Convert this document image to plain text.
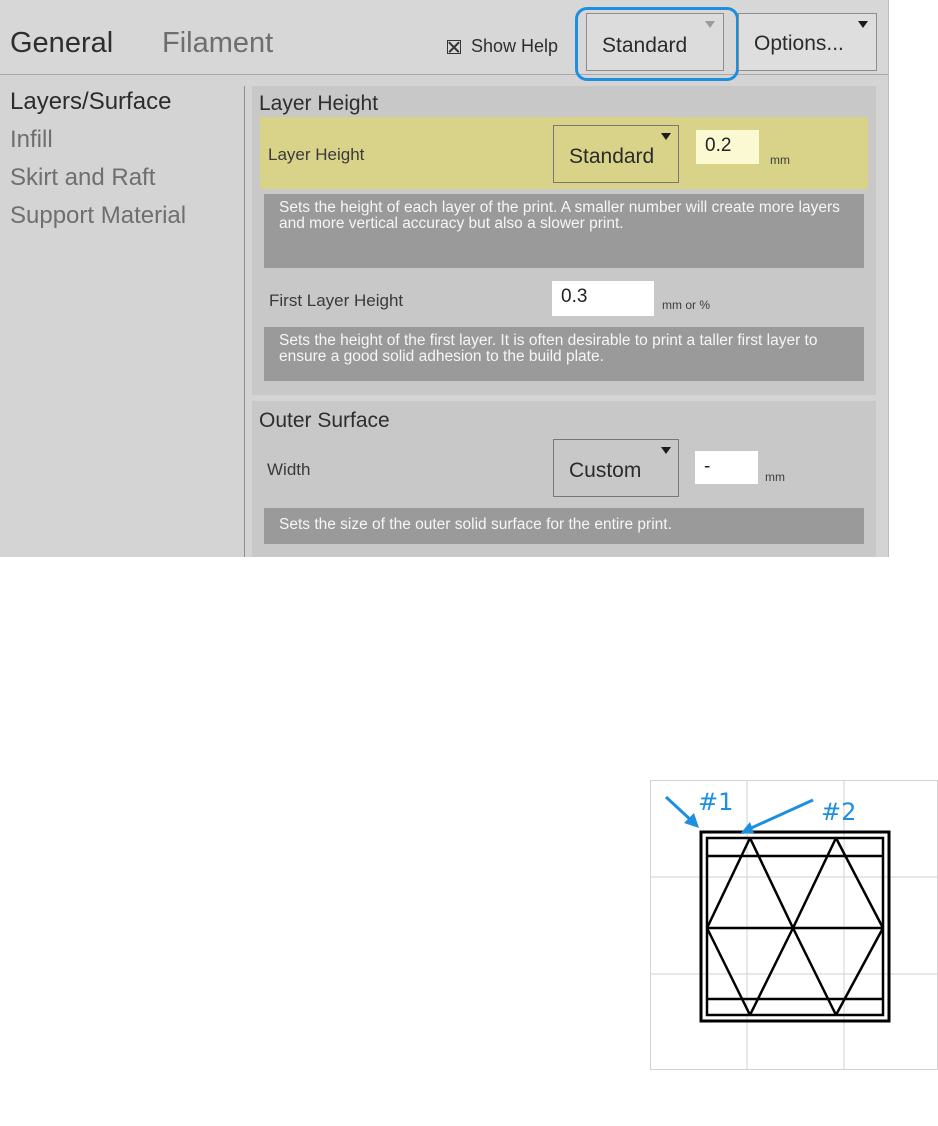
General Filament	Show Help Standard	Options...
Layers/Surface
Infill
Skirt and Raft
Support Material
Layer Height
Layer Height	Standard	0.2
mm
Sets the height of each layer of the print. A smaller number will create more layers and more vertical accuracy but also a slower print.
First Layer Height	0.3	mm or %
Sets the height of the first layer. It is often desirable to print a taller first layer to ensure a good solid adhesion to the build plate.
Outer Surface
Width	Custom	-	mm
Sets the size of the outer solid surface for the entire print.
#1	#2
